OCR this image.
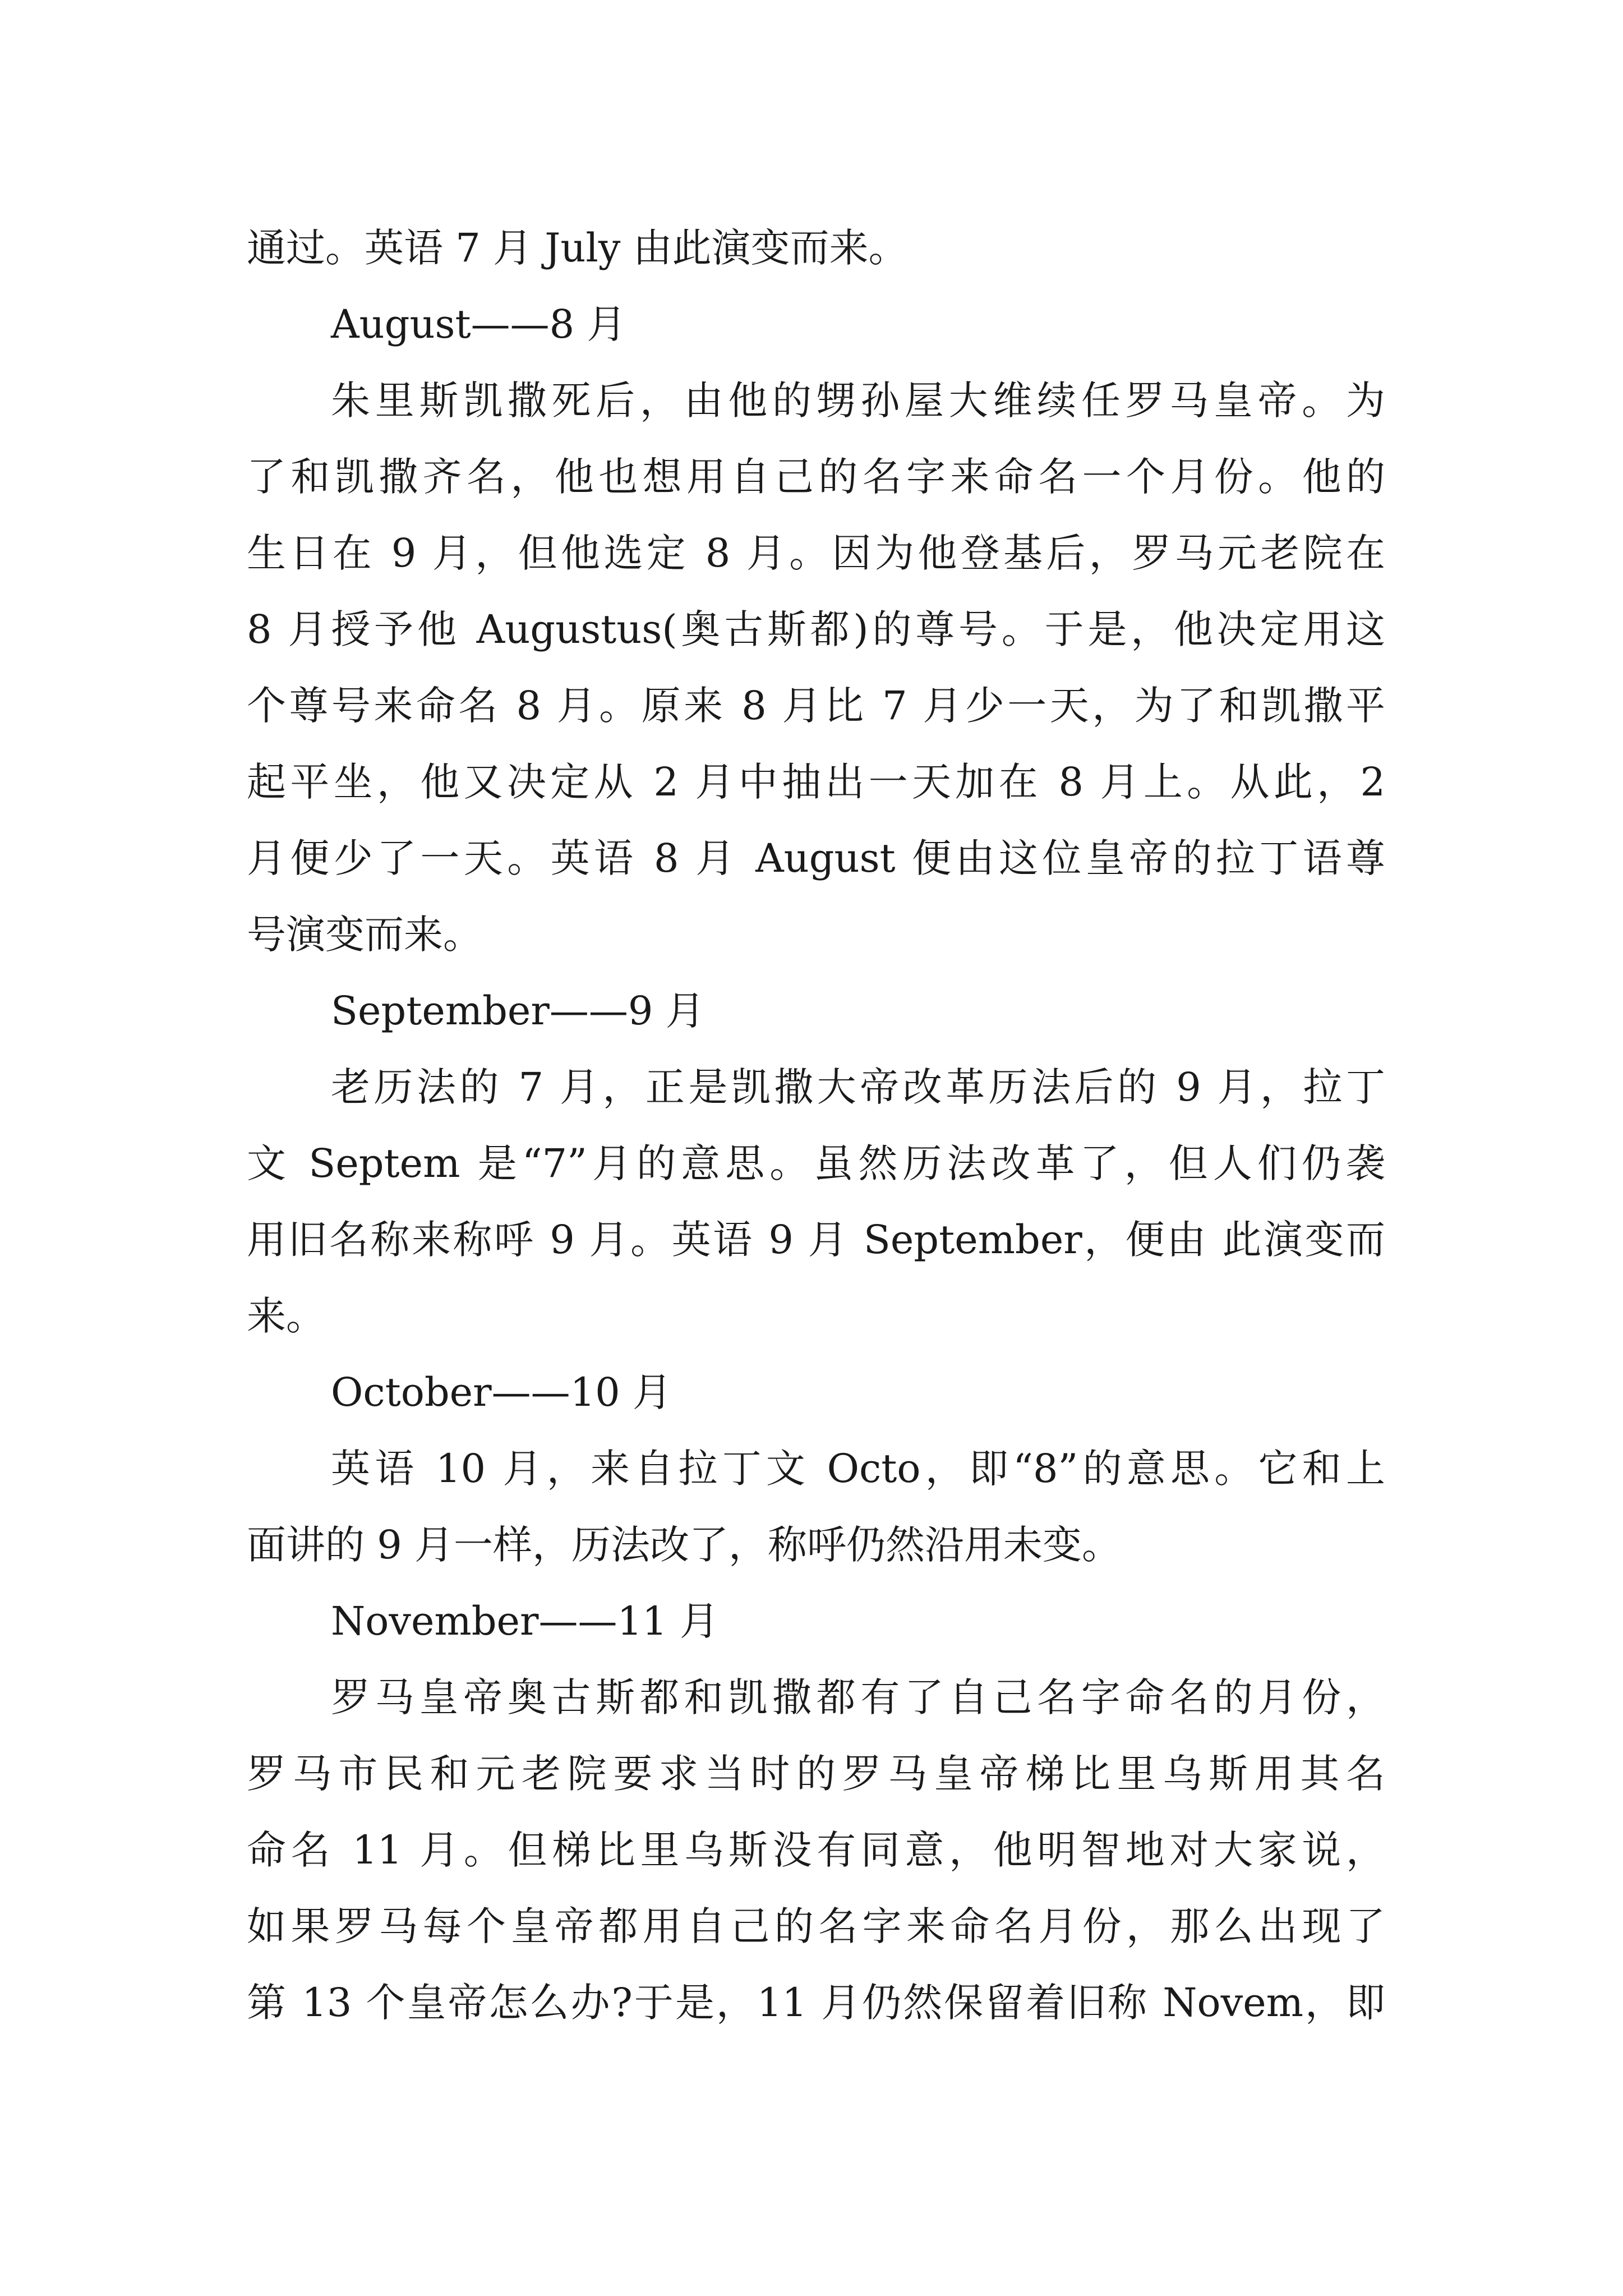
通过。英语 7 月 July 由此演变而来。
August——8 月
朱里斯凯撒死后，由他的甥孙屋大维续任罗马皇帝。为
了和凯撒齐名，他也想用自己的名字来命名一个月份。他的
生日在 9 月，但他选定 8 月。因为他登基后，罗马元老院在
8 月授予他 Augustus(奥古斯都)的尊号。于是，他决定用这
个尊号来命名 8 月。原来 8 月比 7 月少一天，为了和凯撒平
起平坐，他又决定从 2 月中抽出一天加在 8 月上。从此，2
月便少了一天。英语 8 月 August 便由这位皇帝的拉丁语尊
号演变而来。
September——9 月
老历法的 7 月，正是凯撒大帝改革历法后的 9 月，拉丁
文 Septem 是“7”月的意思。虽然历法改革了，但人们仍袭
用旧名称来称呼 9 月。英语 9 月 September，便由 此演变而
来。
October——10 月
英语 10 月，来自拉丁文 Octo，即“8”的意思。它和上
面讲的 9 月一样，历法改了，称呼仍然沿用未变。
November——11 月
罗马皇帝奥古斯都和凯撒都有了自己名字命名的月份，
罗马市民和元老院要求当时的罗马皇帝梯比里乌斯用其名
命名 11 月。但梯比里乌斯没有同意，他明智地对大家说，
如果罗马每个皇帝都用自己的名字来命名月份，那么出现了
第 13 个皇帝怎么办?于是，11 月仍然保留着旧称 Novem，即
